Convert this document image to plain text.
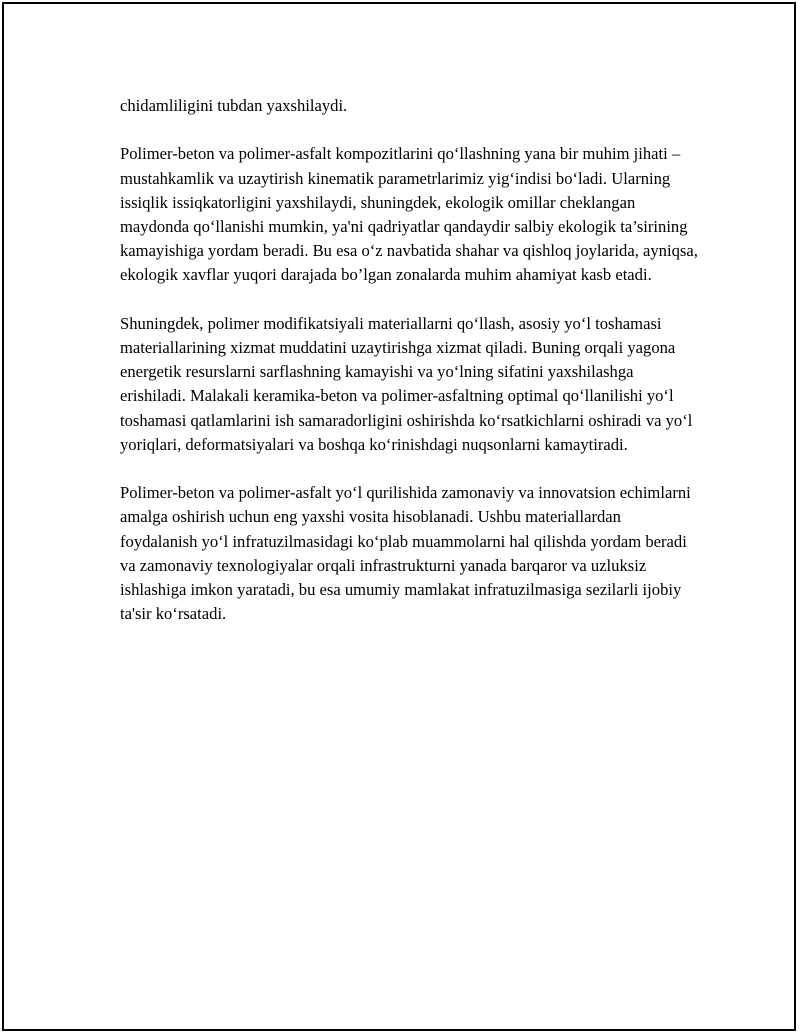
chidamliligini tubdan yaxshilaydi.

Polimer-beton va polimer-asfalt kompozitlarini qo‘llashning yana bir muhim jihati – mustahkamlik va uzaytirish kinematik parametrlarimiz yig‘indisi bo‘ladi. Ularning issiqlik issiqkatorligini yaxshilaydi, shuningdek, ekologik omillar cheklangan maydonda qo‘llanishi mumkin, ya'ni qadriyatlar qandaydir salbiy ekologik ta’sirining kamayishiga yordam beradi. Bu esa o‘z navbatida shahar va qishloq joylarida, ayniqsa, ekologik xavflar yuqori darajada bo’lgan zonalarda muhim ahamiyat kasb etadi.

Shuningdek, polimer modifikatsiyali materiallarni qo‘llash, asosiy yo‘l toshamasi materiallarining xizmat muddatini uzaytirishga xizmat qiladi. Buning orqali yagona energetik resurslarni sarflashning kamayishi va yo‘lning sifatini yaxshilashga erishiladi. Malakali keramika-beton va polimer-asfaltning optimal qo‘llanilishi yo‘l toshamasi qatlamlarini ish samaradorligini oshirishda ko‘rsatkichlarni oshiradi va yo‘l yoriqlari, deformatsiyalari va boshqa ko‘rinishdagi nuqsonlarni kamaytiradi.

Polimer-beton va polimer-asfalt yo‘l qurilishida zamonaviy va innovatsion echimlarni amalga oshirish uchun eng yaxshi vosita hisoblanadi. Ushbu materiallardan foydalanish yo‘l infratuzilmasidagi ko‘plab muammolarni hal qilishda yordam beradi va zamonaviy texnologiyalar orqali infrastrukturni yanada barqaror va uzluksiz ishlashiga imkon yaratadi, bu esa umumiy mamlakat infratuzilmasiga sezilarli ijobiy ta'sir ko‘rsatadi.
